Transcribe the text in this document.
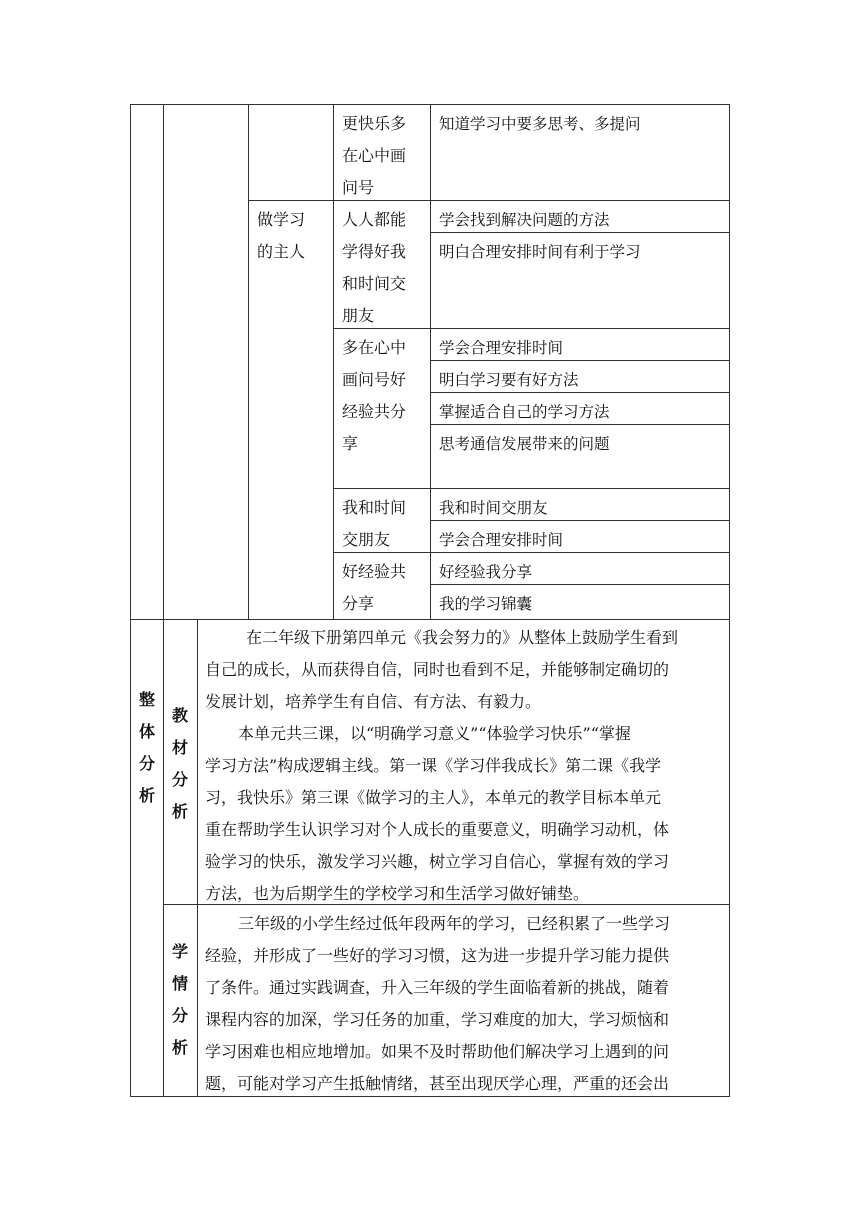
做学习
的主人
更快乐多
在心中画
问号
人人都能
学得好我
和时间交
朋友
多在心中
画问号好
经验共分
享
我和时间
交朋友
好经验共
分享
知道学习中要多思考、多提问
学会找到解决问题的方法
明白合理安排时间有利于学习
学会合理安排时间
明白学习要有好方法
掌握适合自己的学习方法
思考通信发展带来的问题
我和时间交朋友
学会合理安排时间
好经验我分享
我的学习锦囊
整体分析
教材分析
学情分析
在二年级下册第四单元《我会努力的》从整体上鼓励学生看到
自己的成长，从而获得自信，同时也看到不足，并能够制定确切的
发展计划，培养学生有自信、有方法、有毅力。
本单元共三课，以“明确学习意义”“体验学习快乐”“掌握
学习方法”构成逻辑主线。第一课《学习伴我成长》第二课《我学
习，我快乐》第三课《做学习的主人》，本单元的教学目标本单元
重在帮助学生认识学习对个人成长的重要意义，明确学习动机，体
验学习的快乐，激发学习兴趣，树立学习自信心，掌握有效的学习
方法，也为后期学生的学校学习和生活学习做好铺垫。
三年级的小学生经过低年段两年的学习，已经积累了一些学习
经验，并形成了一些好的学习习惯，这为进一步提升学习能力提供
了条件。通过实践调查，升入三年级的学生面临着新的挑战，随着
课程内容的加深，学习任务的加重，学习难度的加大，学习烦恼和
学习困难也相应地增加。如果不及时帮助他们解决学习上遇到的问
题，可能对学习产生抵触情绪，甚至出现厌学心理，严重的还会出
